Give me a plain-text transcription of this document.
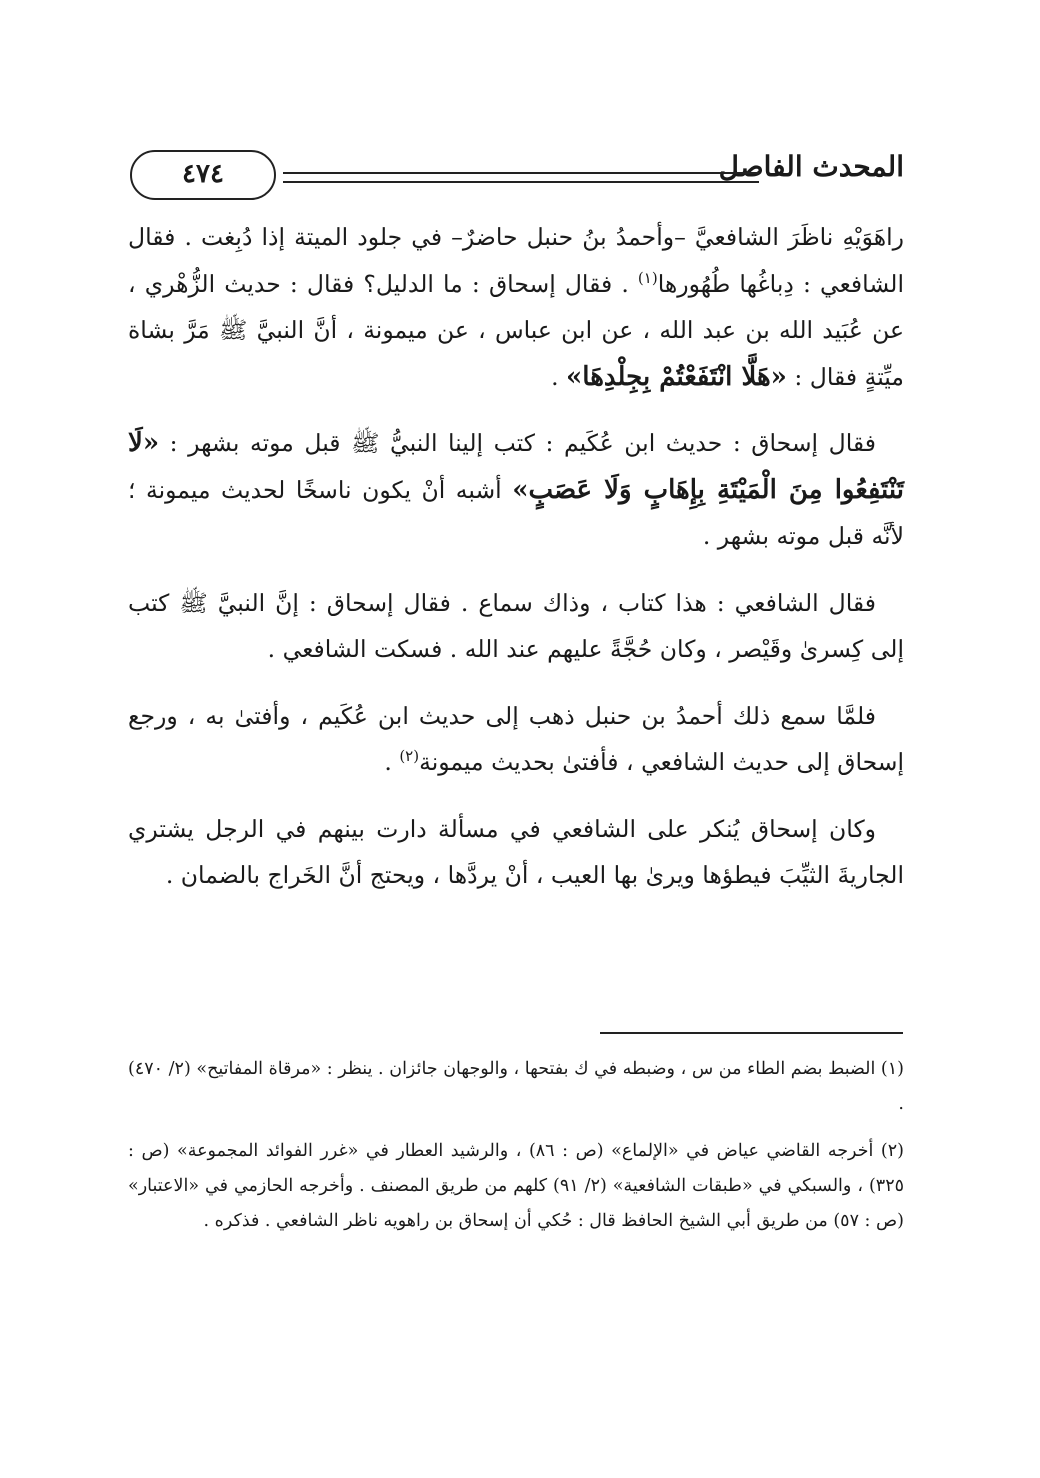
المحدث الفاصل
٤٧٤

راهَوَيْهِ ناظَرَ الشافعيَّ –وأحمدُ بنُ حنبل حاضرٌ– في جلود الميتة إذا دُبِغت . فقال الشافعي : دِباغُها طُهُورها$^{(١)}$ . فقال إسحاق : ما الدليل؟ فقال : حديث الزُّهْري ، عن عُبَيد الله بن عبد الله ، عن ابن عباس ، عن ميمونة ، أنَّ النبيَّ ﷺ مَرَّ بشاة ميِّتةٍ فقال : «هَلَّا انْتَفَعْتُمْ بِجِلْدِهَا» .

فقال إسحاق : حديث ابن عُكَيم : كتب إلينا النبيُّ ﷺ قبل موته بشهر : «لَا تَنْتَفِعُوا مِنَ الْمَيْتَةِ بِإِهَابٍ وَلَا عَصَبٍ» أشبه أنْ يكون ناسخًا لحديث ميمونة ؛ لأنَّه قبل موته بشهر .

فقال الشافعي : هذا كتاب ، وذاك سماع . فقال إسحاق : إنَّ النبيَّ ﷺ كتب إلى كِسرىٰ وقَيْصر ، وكان حُجَّةً عليهم عند الله . فسكت الشافعي .

فلمَّا سمع ذلك أحمدُ بن حنبل ذهب إلى حديث ابن عُكَيم ، وأفتىٰ به ، ورجع إسحاق إلى حديث الشافعي ، فأفتىٰ بحديث ميمونة$^{(٢)}$ .

وكان إسحاق يُنكر على الشافعي في مسألة دارت بينهم في الرجل يشتري الجاريةَ الثيِّبَ فيطؤها ويرىٰ بها العيب ، أنْ يردَّها ، ويحتج أنَّ الخَراج بالضمان .

(١) الضبط بضم الطاء من س ، وضبطه في ك بفتحها ، والوجهان جائزان . ينظر : «مرقاة المفاتيح» (٢/ ٤٧٠) .

(٢) أخرجه القاضي عياض في «الإلماع» (ص : ٨٦) ، والرشيد العطار في «غرر الفوائد المجموعة» (ص : ٣٢٥) ، والسبكي في «طبقات الشافعية» (٢/ ٩١) كلهم من طريق المصنف . وأخرجه الحازمي في «الاعتبار» (ص : ٥٧) من طريق أبي الشيخ الحافظ قال : حُكي أن إسحاق بن راهويه ناظر الشافعي . فذكره .
